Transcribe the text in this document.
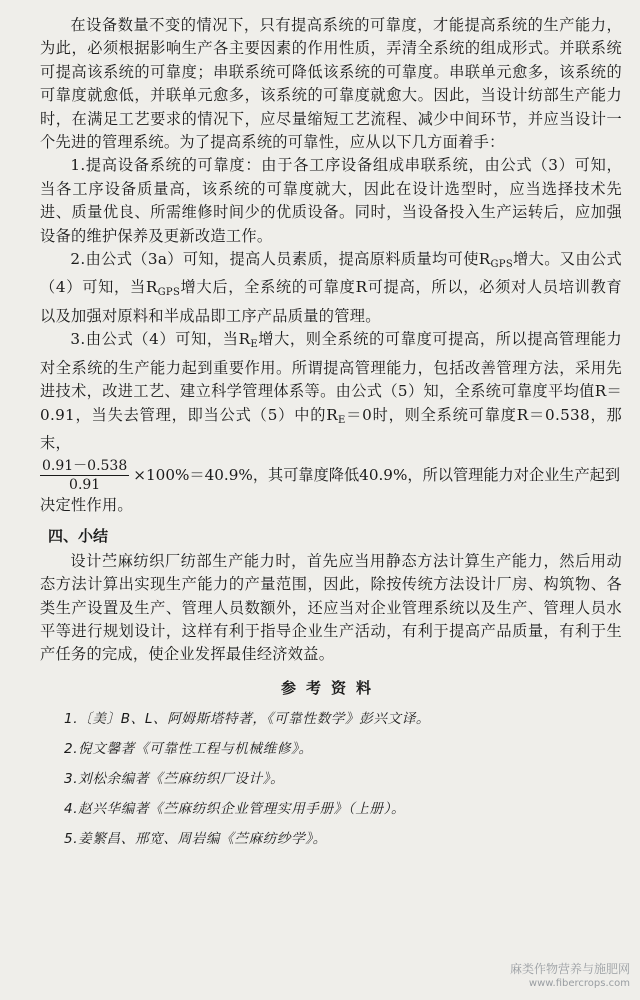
在设备数量不变的情况下，只有提高系统的可靠度，才能提高系统的生产能力，为此，必须根据影响生产各主要因素的作用性质，弄清全系统的组成形式。并联系统可提高该系统的可靠度；串联系统可降低该系统的可靠度。串联单元愈多，该系统的可靠度就愈低，并联单元愈多，该系统的可靠度就愈大。因此，当设计纺部生产能力时，在满足工艺要求的情况下，应尽量缩短工艺流程、减少中间环节，并应当设计一个先进的管理系统。为了提高系统的可靠性，应从以下几方面着手：

1.提高设备系统的可靠度：由于各工序设备组成串联系统，由公式（3）可知，当各工序设备质量高，该系统的可靠度就大，因此在设计选型时，应当选择技术先进、质量优良、所需维修时间少的优质设备。同时，当设备投入生产运转后，应加强设备的维护保养及更新改造工作。

2.由公式（3a）可知，提高人员素质，提高原料质量均可使$R_{GPS}$增大。又由公式（4）可知，当$R_{GPS}$增大后，全系统的可靠度R可提高，所以，必须对人员培训教育以及加强对原料和半成品即工序产品质量的管理。

3.由公式（4）可知，当$R_E$增大，则全系统的可靠度可提高，所以提高管理能力对全系统的生产能力起到重要作用。所谓提高管理能力，包括改善管理方法，采用先进技术，改进工艺、建立科学管理体系等。由公式（5）知，全系统可靠度平均值R＝0.91，当失去管理，即当公式（5）中的$R_E=0$时，则全系统可靠度R＝0.538，那末，

$\frac{0.91-0.538}{0.91} \times 100\%=40.9\%$，其可靠度降低40.9%，所以管理能力对企业生产起到

决定性作用。

四、小结

设计苎麻纺织厂纺部生产能力时，首先应当用静态方法计算生产能力，然后用动态方法计算出实现生产能力的产量范围，因此，除按传统方法设计厂房、构筑物、各类生产设置及生产、管理人员数额外，还应当对企业管理系统以及生产、管理人员水平等进行规划设计，这样有利于指导企业生产活动，有利于提高产品质量，有利于生产任务的完成，使企业发挥最佳经济效益。

参考资料
1.〔美〕B、L、阿姆斯塔特著，《可靠性数学》彭兴文译。
2.倪文馨著《可靠性工程与机械维修》。
3.刘松余编著《苎麻纺织厂设计》。
4.赵兴华编著《苎麻纺织企业管理实用手册》（上册）。
5.姜繁昌、邢宽、周岩编《苎麻纺纱学》。
麻类作物营养与施肥网
www.fibercrops.com
